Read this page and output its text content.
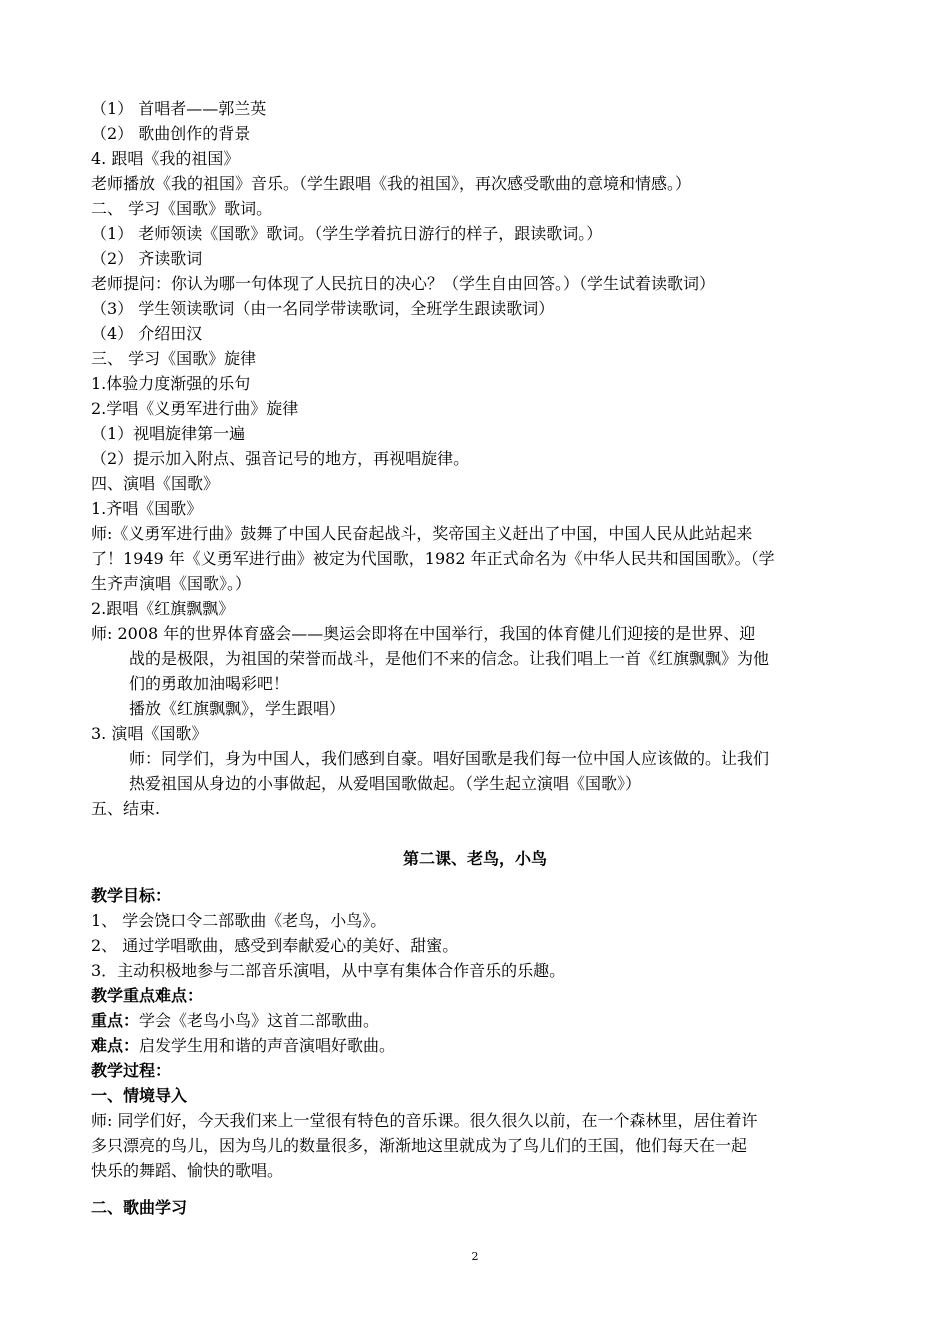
（1） 首唱者——郭兰英
（2） 歌曲创作的背景
4. 跟唱《我的祖国》
老师播放《我的祖国》音乐。（学生跟唱《我的祖国》，再次感受歌曲的意境和情感。）
二、 学习《国歌》歌词。
（1） 老师领读《国歌》歌词。（学生学着抗日游行的样子，跟读歌词。）
（2） 齐读歌词
老师提问：你认为哪一句体现了人民抗日的决心？（学生自由回答。）（学生试着读歌词）
（3） 学生领读歌词（由一名同学带读歌词，全班学生跟读歌词）
（4） 介绍田汉
三、 学习《国歌》旋律
1.体验力度渐强的乐句
2.学唱《义勇军进行曲》旋律
（1）视唱旋律第一遍
（2）提示加入附点、强音记号的地方，再视唱旋律。
四、演唱《国歌》
1.齐唱《国歌》
师:《义勇军进行曲》鼓舞了中国人民奋起战斗，奖帝国主义赶出了中国，中国人民从此站起来
了！1949 年《义勇军进行曲》被定为代国歌，1982 年正式命名为《中华人民共和国国歌》。（学
生齐声演唱《国歌》。）
2.跟唱《红旗飘飘》
师: 2008 年的世界体育盛会——奥运会即将在中国举行，我国的体育健儿们迎接的是世界、迎
战的是极限，为祖国的荣誉而战斗，是他们不来的信念。让我们唱上一首《红旗飘飘》为他
们的勇敢加油喝彩吧！
播放《红旗飘飘》，学生跟唱）
3. 演唱《国歌》
师：同学们，身为中国人，我们感到自豪。唱好国歌是我们每一位中国人应该做的。让我们
热爱祖国从身边的小事做起，从爱唱国歌做起。（学生起立演唱《国歌》）
五、结束.
第二课、老鸟，小鸟
教学目标：
1、 学会饶口令二部歌曲《老鸟，小鸟》。
2、 通过学唱歌曲，感受到奉献爱心的美好、甜蜜。
3．主动积极地参与二部音乐演唱，从中享有集体合作音乐的乐趣。
教学重点难点：
重点：学会《老鸟小鸟》这首二部歌曲。
难点：启发学生用和谐的声音演唱好歌曲。
教学过程：
一、情境导入
师: 同学们好，今天我们来上一堂很有特色的音乐课。很久很久以前，在一个森林里，居住着许
多只漂亮的鸟儿，因为鸟儿的数量很多，渐渐地这里就成为了鸟儿们的王国，他们每天在一起
快乐的舞蹈、愉快的歌唱。
二、歌曲学习
2
